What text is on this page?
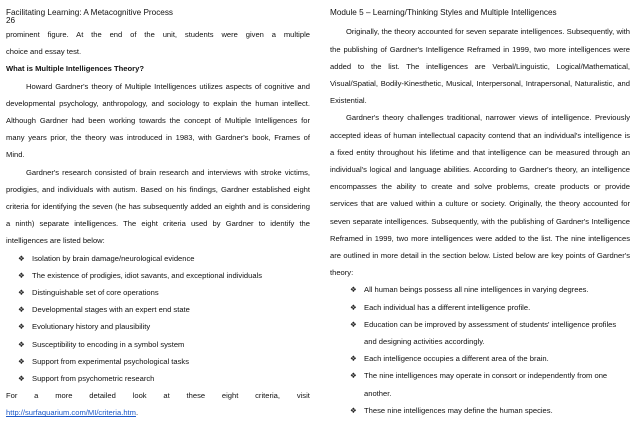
Facilitating Learning: A Metacognitive Process
26

prominent figure. At the end of the unit, students were given a multiple

choice and essay test.

What is Multiple Intelligences Theory?

Howard Gardner's theory of Multiple Intelligences utilizes aspects of cognitive and developmental psychology, anthropology, and sociology to explain the human intellect. Although Gardner had been working towards the concept of Multiple Intelligences for many years prior, the theory was introduced in 1983, with Gardner's book, Frames of Mind.

Gardner's research consisted of brain research and interviews with stroke victims, prodigies, and individuals with autism. Based on his findings, Gardner established eight criteria for identifying the seven (he has subsequently added an eighth and is considering a ninth) separate intelligences. The eight criteria used by Gardner to identify the intelligences are listed below:

❖ Isolation by brain damage/neurological evidence
❖ The existence of prodigies, idiot savants, and exceptional individuals
❖ Distinguishable set of core operations
❖ Developmental stages with an expert end state
❖ Evolutionary history and plausibility
❖ Susceptibility to encoding in a symbol system
❖ Support from experimental psychological tasks
❖ Support from psychometric research
For a more detailed look at these eight criteria, visit
http://surfaquarium.com/MI/criteria.htm.
Module 5 – Learning/Thinking Styles and Multiple Intelligences

Originally, the theory accounted for seven separate intelligences. Subsequently, with the publishing of Gardner's Intelligence Reframed in 1999, two more intelligences were added to the list. The intelligences are Verbal/Linguistic, Logical/Mathematical, Visual/Spatial, Bodily-Kinesthetic, Musical, Interpersonal, Intrapersonal, Naturalistic, and Existential.

Gardner's theory challenges traditional, narrower views of intelligence. Previously accepted ideas of human intellectual capacity contend that an individual's intelligence is a fixed entity throughout his lifetime and that intelligence can be measured through an individual's logical and language abilities. According to Gardner's theory, an intelligence encompasses the ability to create and solve problems, create products or provide services that are valued within a culture or society. Originally, the theory accounted for seven separate intelligences. Subsequently, with the publishing of Gardner's Intelligence Reframed in 1999, two more intelligences were added to the list. The nine intelligences are outlined in more detail in the section below. Listed below are key points of Gardner's theory:

❖ All human beings possess all nine intelligences in varying degrees.
❖ Each individual has a different intelligence profile.
❖ Education can be improved by assessment of students' intelligence profiles and designing activities accordingly.
❖ Each intelligence occupies a different area of the brain.
❖ The nine intelligences may operate in consort or independently from one another.
❖ These nine intelligences may define the human species.
